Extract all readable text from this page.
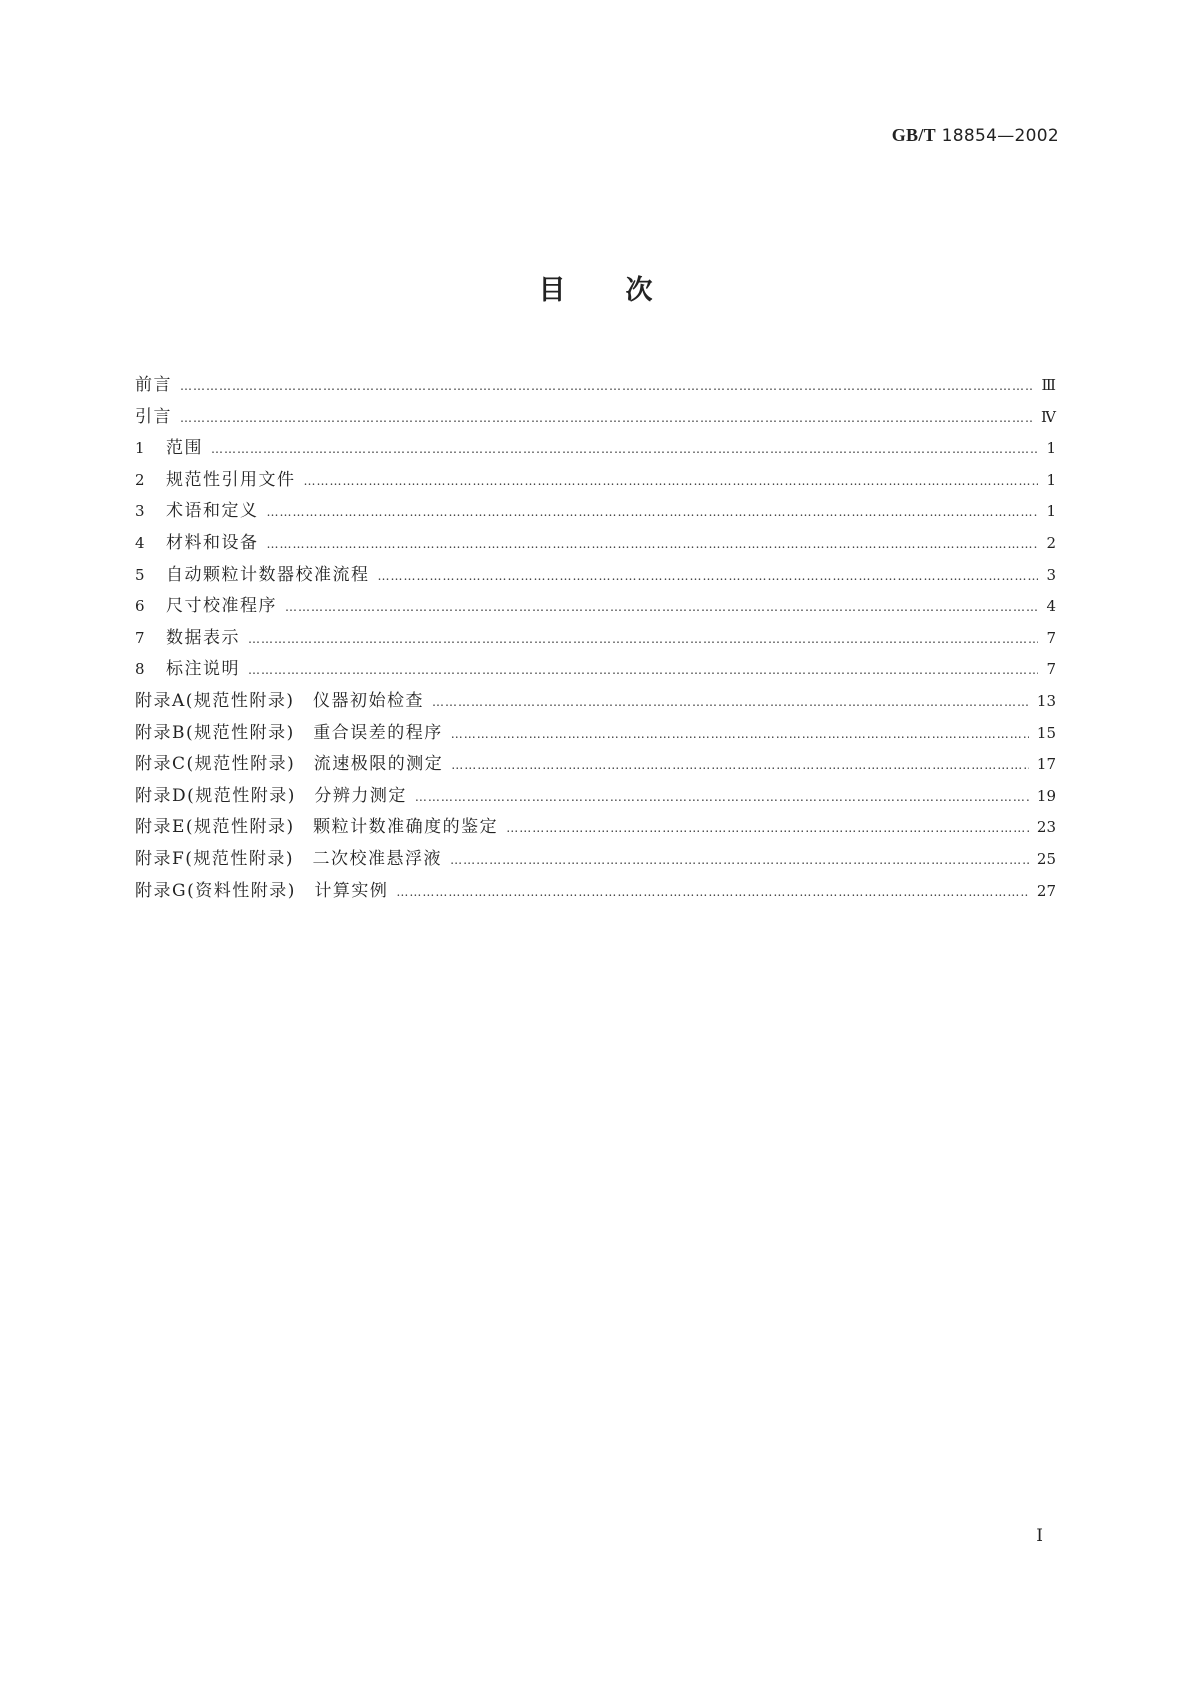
GB/T 18854—2002
目次
前言 …………………………………………………………………………………………………………………………………………………………………………………………………………	Ⅲ
引言 …………………………………………………………………………………………………………………………………………………………………………………………………………	Ⅳ
1	范围 …………………………………………………………………………………………………………………………………………………………………………………………………………	1
2	规范性引用文件 …………………………………………………………………………………………………………………………………………………………………………………………………………	1
3	术语和定义 …………………………………………………………………………………………………………………………………………………………………………………………………………	1
4	材料和设备 …………………………………………………………………………………………………………………………………………………………………………………………………………	2
5	自动颗粒计数器校准流程 …………………………………………………………………………………………………………………………………………………………………………………………………………	3
6	尺寸校准程序 …………………………………………………………………………………………………………………………………………………………………………………………………………	4
7	数据表示 …………………………………………………………………………………………………………………………………………………………………………………………………………	7
8	标注说明 …………………………………………………………………………………………………………………………………………………………………………………………………………	7
附录A(规范性附录)　仪器初始检查 …………………………………………………………………………………………………………………………………………………………………………………………………………	13
附录B(规范性附录)　重合误差的程序 …………………………………………………………………………………………………………………………………………………………………………………………………………	15
附录C(规范性附录)　流速极限的测定 …………………………………………………………………………………………………………………………………………………………………………………………………………	17
附录D(规范性附录)　分辨力测定 …………………………………………………………………………………………………………………………………………………………………………………………………………	19
附录E(规范性附录)　颗粒计数准确度的鉴定 …………………………………………………………………………………………………………………………………………………………………………………………………………	23
附录F(规范性附录)　二次校准悬浮液 …………………………………………………………………………………………………………………………………………………………………………………………………………	25
附录G(资料性附录)　计算实例 …………………………………………………………………………………………………………………………………………………………………………………………………………	27
Ⅰ
